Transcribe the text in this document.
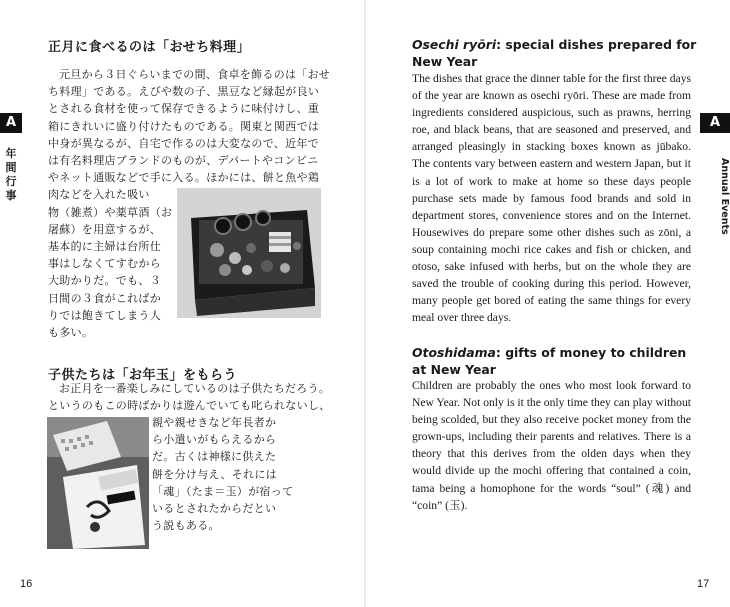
A
年
間
行
事
正月に食べるのは「おせち料理」
元旦から３日ぐらいまでの間、食卓を飾るのは「おせ
ち料理」である。えびや数の子、黒豆など縁起が良い
とされる食材を使って保存できるように味付けし、重
箱にきれいに盛り付けたものである。関東と関西では
中身が異なるが、自宅で作るのは大変なので、近年で
は有名料理店ブランドのものが、デパートやコンビニ
やネット通販などで手に入る。ほかには、餅と魚や鶏
肉などを入れた吸い
物（雑煮）や薬草酒（お
屠蘇）を用意するが、
基本的に主婦は台所仕
事はしなくてすむから
大助かりだ。でも、３
日間の３食がこればか
りでは飽きてしまう人
も多い。
子供たちは「お年玉」をもらう
お正月を一番楽しみにしているのは子供たちだろう。
というのもこの時ばかりは遊んでいても叱られないし、
親や親せきなど年長者か
ら小遣いがもらえるから
だ。古くは神様に供えた
餅を分け与え、それには
「魂」（たま＝玉）が宿って
いるとされたからだとい
う説もある。
16
A
Annual Events
Osechi ryōri: special dishes prepared for New Year

The dishes that grace the dinner table for the first three days of the year are known as osechi ryōri. These are made from ingredients considered auspicious, such as prawns, herring roe, and black beans, that are seasoned and preserved, and arranged pleasingly in stacking boxes known as jūbako. The contents vary between eastern and western Japan, but it is a lot of work to make at home so these days people purchase sets made by famous food brands and sold in department stores, convenience stores and on the Internet. Housewives do prepare some other dishes such as zōni, a soup containing mochi rice cakes and fish or chicken, and otoso, sake infused with herbs, but on the whole they are saved the trouble of cooking during this period. However, many people get bored of eating the same things for every meal over three days.

Otoshidama: gifts of money to children at New Year

Children are probably the ones who most look forward to New Year. Not only is it the only time they can play without being scolded, but they also receive pocket money from the grown-ups, including their parents and relatives. There is a theory that this derives from the olden days when they would divide up the mochi offering that contained a coin, tama being a homophone for the words “soul” (魂) and “coin” (玉).

17
